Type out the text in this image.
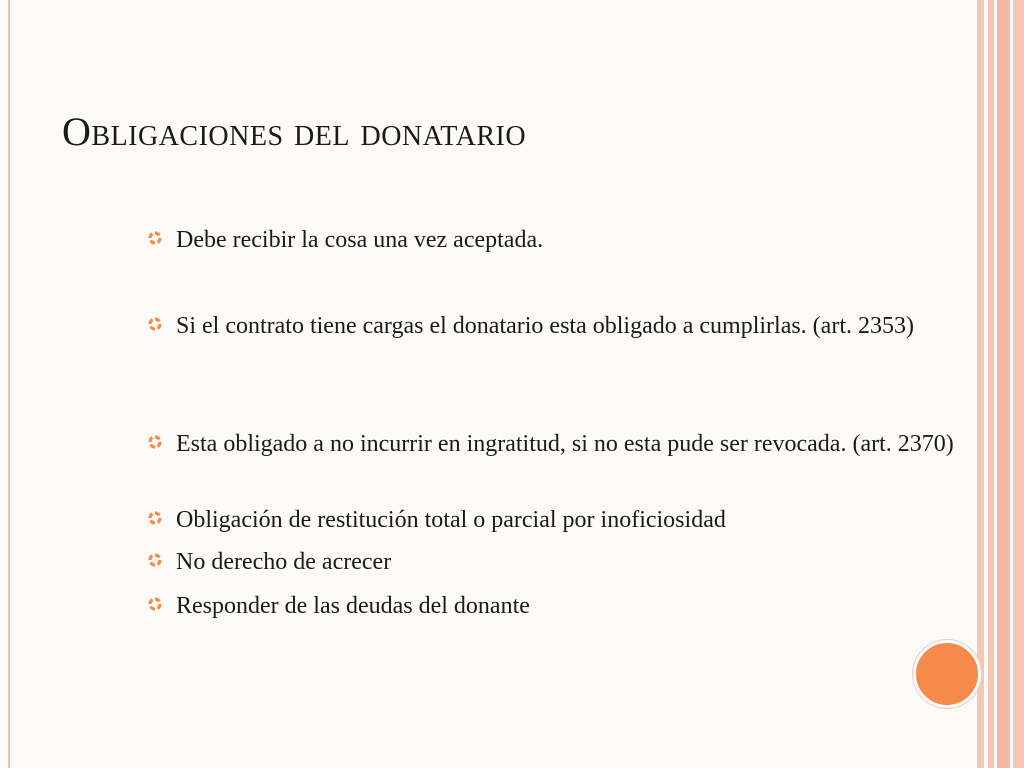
Obligaciones del donatario
Debe recibir la cosa una vez aceptada.
Si el contrato tiene cargas el donatario esta obligado a cumplirlas. (art. 2353)
Esta obligado a no incurrir en ingratitud, si no esta pude ser revocada. (art. 2370)
Obligación de restitución total o parcial por inoficiosidad
No derecho de acrecer
Responder de las deudas del donante
